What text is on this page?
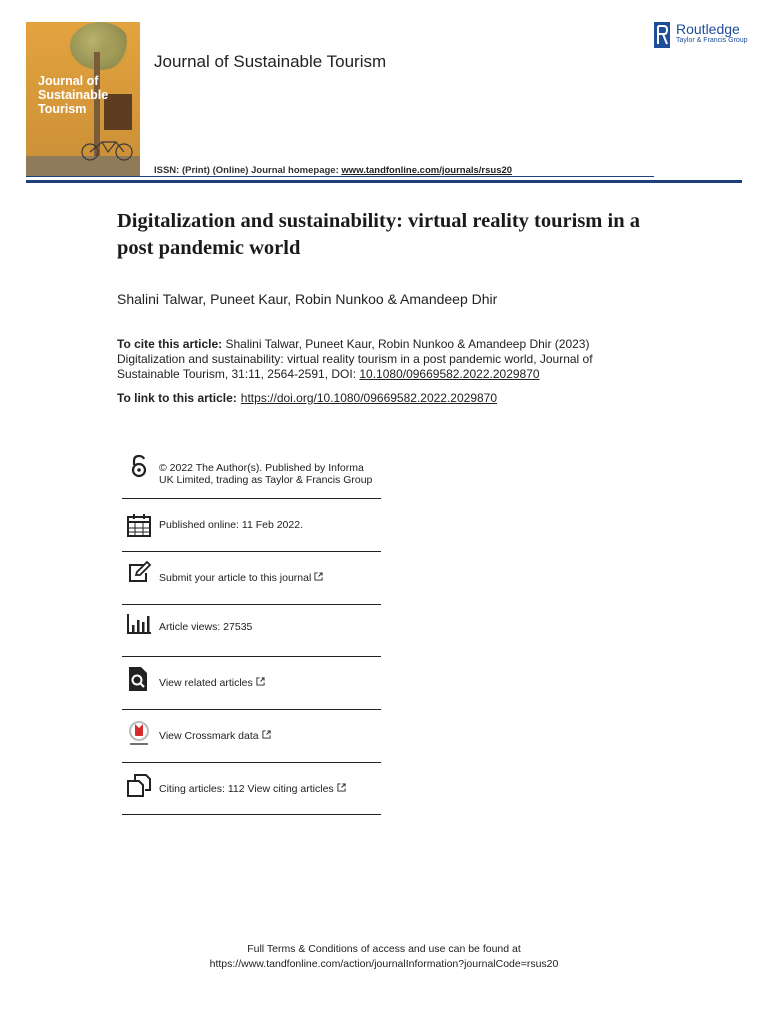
Journal of Sustainable Tourism
Journal of Sustainable Tourism
Routledge
Taylor & Francis Group
ISSN: (Print) (Online) Journal homepage: www.tandfonline.com/journals/rsus20
Digitalization and sustainability: virtual reality tourism in a post pandemic world
Shalini Talwar, Puneet Kaur, Robin Nunkoo & Amandeep Dhir
To cite this article: Shalini Talwar, Puneet Kaur, Robin Nunkoo & Amandeep Dhir (2023) Digitalization and sustainability: virtual reality tourism in a post pandemic world, Journal of Sustainable Tourism, 31:11, 2564-2591, DOI: 10.1080/09669582.2022.2029870
To link to this article: https://doi.org/10.1080/09669582.2022.2029870
© 2022 The Author(s). Published by Informa UK Limited, trading as Taylor & Francis Group
Published online: 11 Feb 2022.
Submit your article to this journal
Article views: 27535
View related articles
View Crossmark data
Citing articles: 112 View citing articles
Full Terms & Conditions of access and use can be found at
https://www.tandfonline.com/action/journalInformation?journalCode=rsus20
